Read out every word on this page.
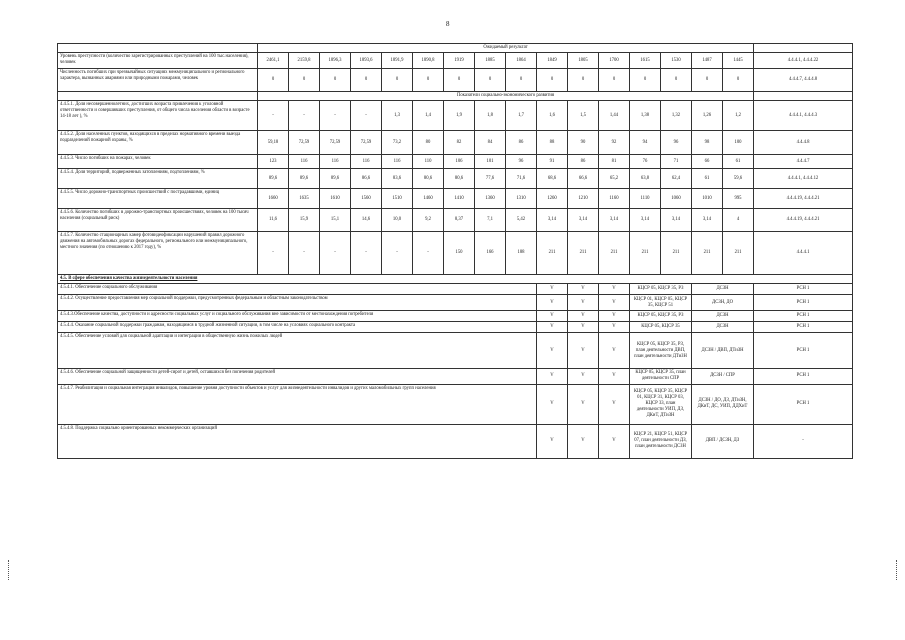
8
	Ожидаемый результат																
Уровень преступности (количество зарегистрированных преступлений на 100 тыс.населения), человек	2461,1	2159,8	1896,3	1893,6	1891,9	1890,8	1919	1885	1864	1849	1805	1700	1615	1530	1487	1445	4.4.4.1, 4.4.4.22
Численность погибших при чрезвычайных ситуациях межмуниципального и регионального характера, вызванных авариями или природными пожарами, человек	0	0	0	0	0	0	0	0	0	0	0	0	0	0	0	0	4.4.4.7, 4.4.4.8
	Показатели социально-экономического развития																
4.4.5.1. Доля несовершеннолетних, достигших возраста привлечения к уголовной ответственности и совершивших преступления, от общего числа населения области в возрасте 14-18 лет ), %	-	-	-	-	1,3	1,4	1,9	1,8	1,7	1,6	1,5	1,44	1,38	1,32	1,26	1,2	4.4.4.1, 4.4.4.3
4.4.5.2. Доля населенных пунктов, находящихся в пределах нормативного времени выезда подразделений пожарной охраны, %	59,18	72,59	72,59	72,59	73,2	80	82	84	86	88	90	92	94	96	98	100	4.4.4.8
4.4.5.3. Число погибших на пожарах, человек	123	116	116	116	116	110	106	101	96	91	86	81	76	71	66	61	4.4.4.7
4.4.5.4. Доля территорий, подверженных затоплениям, подтоплениям, %	89,6	89,6	89,6	86,6	83,6	80,6	80,6	77,6	71,6	68,6	66,6	65,2	63,8	62,4	61	59,6	4.4.4.1, 4.4.4.12
4.4.5.5. Число дорожно-транспортных происшествий с пострадавшими, единиц	1660	1635	1610	1560	1510	1460	1410	1360	1310	1260	1210	1160	1110	1060	1010	995	4.4.4.19, 4.4.4.21
4.4.5.6. Количество погибших в дорожно-транспортных происшествиях, человек на 100 тысяч населения (социальный риск)	11,6	15,9	15,1	14,6	10,0	9,2	8,37	7,1	5,42	3,14	3,14	3,14	3,14	3,14	3,14	4	4.4.4.19, 4.4.4.21
4.4.5.7. Количество стационарных камер фотовидеофиксации нарушений правил дорожного движения на автомобильных дорогах федерального, регионального или межмуниципального, местного значения (по отношению к 2017 году), %	-	-	-	-	-	-	150	166	188	211	211	211	211	211	211	211	4.4.4.1
4.5. В сфере обеспечения качества жизнедеятельности населения																	
4.5.4.1. Обеспечение социального обслуживания										V	V	V	КЦСР 05, КЦСР 35, РЗ		ДСЗН		РСН 1
4.5.4.2. Осуществление предоставления мер социальной поддержки, предусмотренных федеральным и областным законодательством										V	V	V	КЦСР 01, КЦСР 05, КЦСР 35, КЦСР 51		ДСЗН, ДО		РСН 1
4.5.4.3.Обеспечение качества, доступности и адресности социальных услуг и социального обслуживания вне зависимости от местонахождения потребителя										V	V	V	КЦСР 05, КЦСР 35, РЗ		ДСЗН		РСН 1
4.5.4.4. Оказание социальной поддержки гражданам, находящимся в трудной жизненной ситуации, в том числе на условиях социального контракта										V	V	V	КЦСР 05, КЦСР 35		ДСЗН		РСН 1
4.5.4.5. Обеспечение условий для социальной адаптации и интеграции в общественную жизнь пожилых людей										V	V	V	КЦСР 05, КЦСР 35, РЗ, план деятельности ДВП, план деятельности ДТиЗН		ДСЗН / ДВП, ДТиЗН		РСН 1
4.5.4.6. Обеспечение социальной защищенности детей-сирот и детей, оставшихся без попечения родителей										V	V	V	КЦСР 05, КЦСР 35, план деятельности СПР		ДСЗН / СПР		РСН 1
4.5.4.7. Реабилитация и социальная интеграция инвалидов, повышение уровня доступности объектов и услуг для жизнедеятельности инвалидов и других маломобильных групп населения										V	V	V	КЦСР 05, КЦСР 35, КЦСР 01, КЦСР 31, КЦСР 03, КЦСР 33, план деятельности УИП, ДЗ, ДКиТ, ДТиЗН		ДСЗН / ДО, ДЗ, ДТиЗН, ДКиТ, ДС, УИП, ДДХиТ		РСН 1
4.5.4.8. Поддержка социально ориентированных некоммерческих организаций										V	V	V	КЦСР 21, КЦСР 51, КЦСР 07, план деятельности ДЗ, план деятельности ДСЗН		ДВП / ДСЗН, ДЗ		-
